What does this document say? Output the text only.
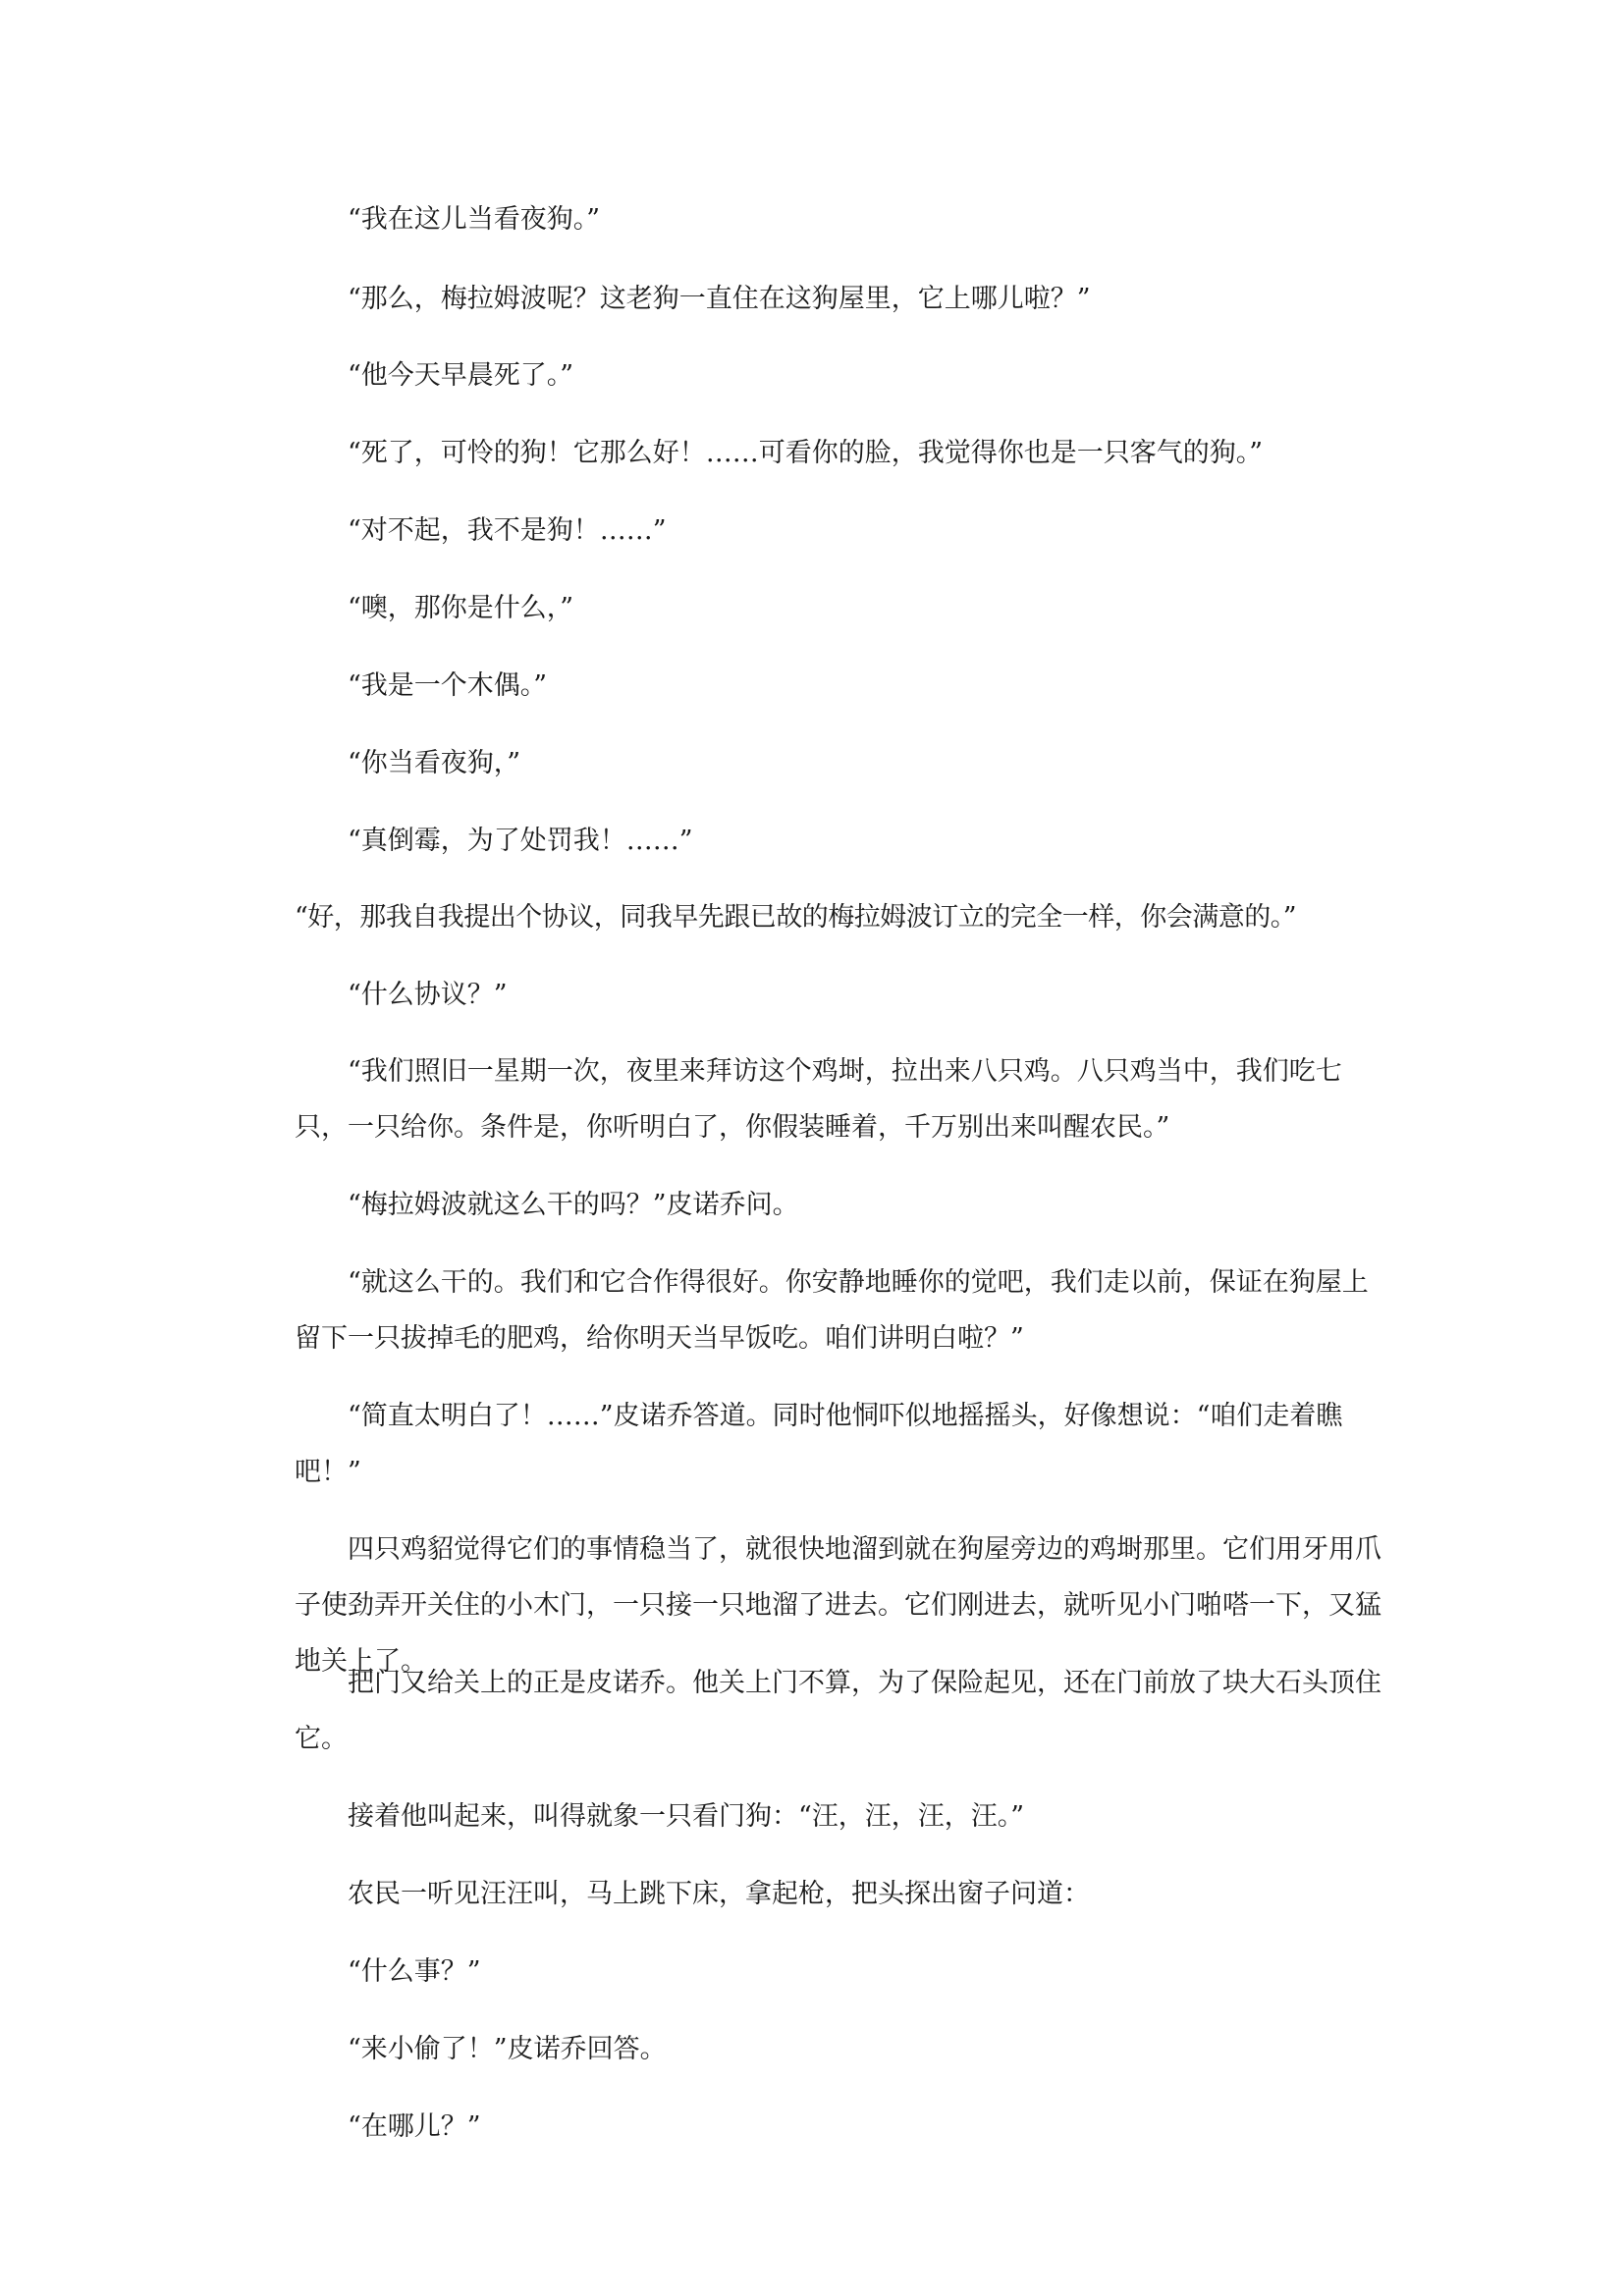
“我在这儿当看夜狗。”

“那么，梅拉姆波呢？这老狗一直住在这狗屋里，它上哪儿啦？”

“他今天早晨死了。”

“死了，可怜的狗！它那么好！……可看你的脸，我觉得你也是一只客气的狗。”

“对不起，我不是狗！……”

“噢，那你是什么，”

“我是一个木偶。”

“你当看夜狗，”

“真倒霉，为了处罚我！……”

“好，那我自我提出个协议，同我早先跟已故的梅拉姆波订立的完全一样，你会满意的。”

“什么协议？”

“我们照旧一星期一次，夜里来拜访这个鸡埘，拉出来八只鸡。八只鸡当中，我们吃七只，一只给你。条件是，你听明白了，你假装睡着，千万别出来叫醒农民。”

“梅拉姆波就这么干的吗？”皮诺乔问。

“就这么干的。我们和它合作得很好。你安静地睡你的觉吧，我们走以前，保证在狗屋上留下一只拔掉毛的肥鸡，给你明天当早饭吃。咱们讲明白啦？”

“简直太明白了！……”皮诺乔答道。同时他恫吓似地摇摇头，好像想说：“咱们走着瞧吧！”

四只鸡貂觉得它们的事情稳当了，就很快地溜到就在狗屋旁边的鸡埘那里。它们用牙用爪子使劲弄开关住的小木门，一只接一只地溜了进去。它们刚进去，就听见小门啪嗒一下，又猛地关上了。

把门又给关上的正是皮诺乔。他关上门不算，为了保险起见，还在门前放了块大石头顶住它。

接着他叫起来，叫得就象一只看门狗：“汪，汪，汪，汪。”

农民一听见汪汪叫，马上跳下床，拿起枪，把头探出窗子问道：

“什么事？”

“来小偷了！”皮诺乔回答。

“在哪儿？”
